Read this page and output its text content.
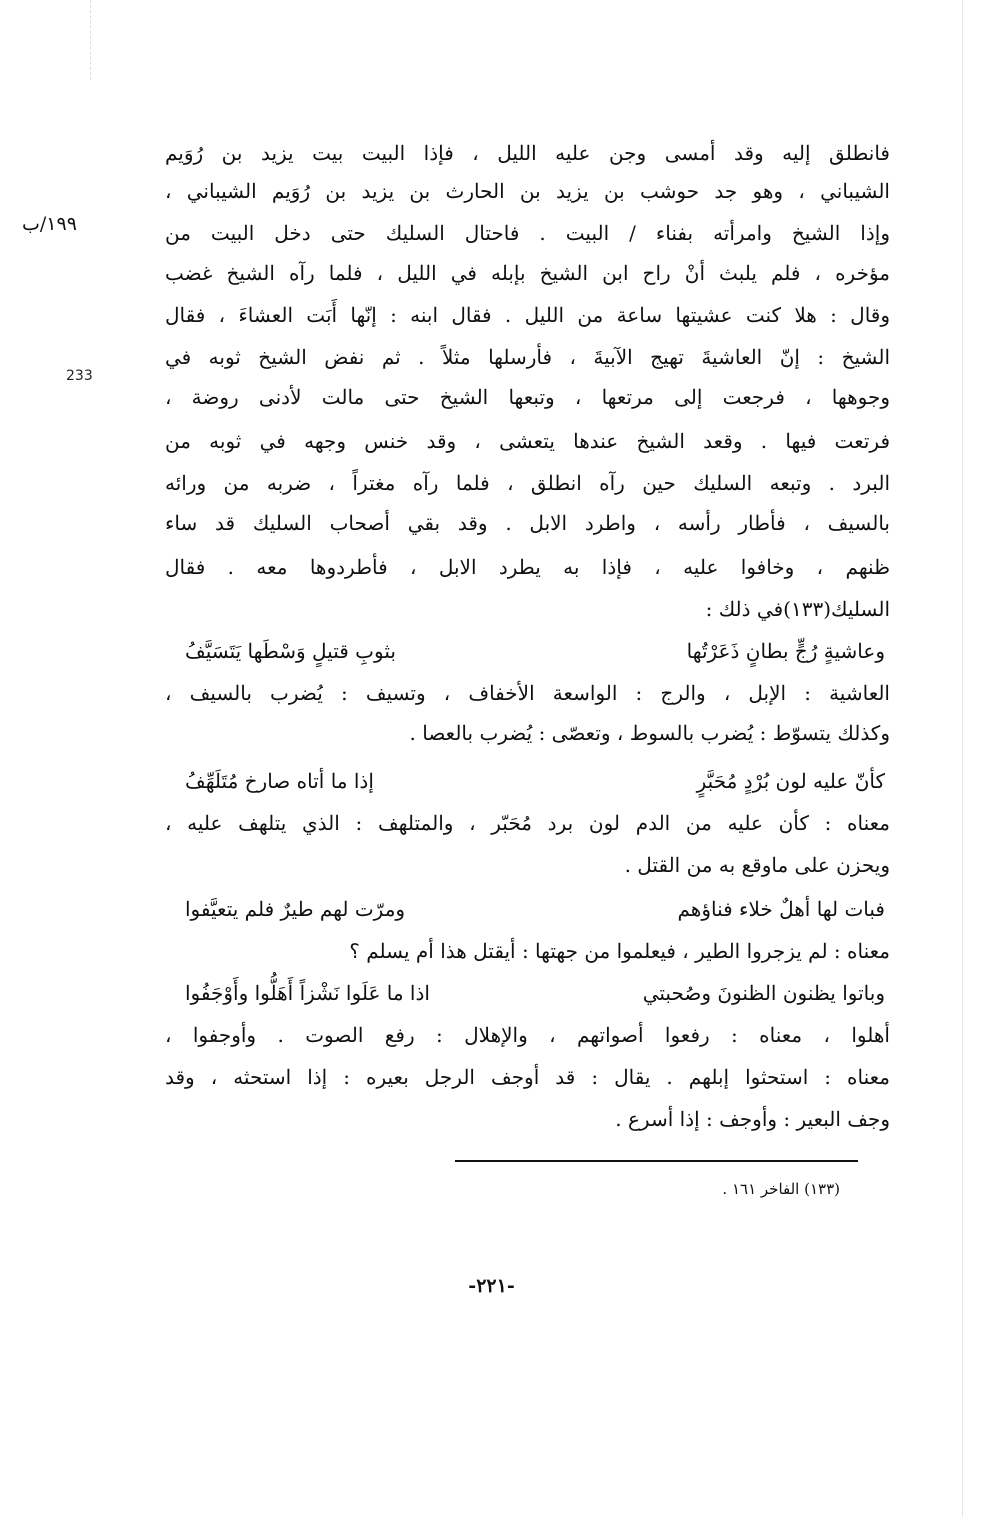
١٩٩/ب
233
فانطلق إليه وقد أمسى وجن عليه الليل ، فإذا البيت بيت يزيد بن رُوَيم
الشيباني ، وهو جد حوشب بن يزيد بن الحارث بن يزيد بن رُوَيم الشيباني ،
وإذا الشيخ وامرأته بفناء / البيت . فاحتال السليك حتى دخل البيت من
مؤخره ، فلم يلبث أنْ راح ابن الشيخ بإبله في الليل ، فلما رآه الشيخ غضب
وقال : هلا كنت عشيتها ساعة من الليل . فقال ابنه : إنّها أَبَت العشاءَ ، فقال
الشيخ : إنّ العاشيةَ تهيج الآبيةَ ، فأرسلها مثلاً . ثم نفض الشيخ ثوبه في
وجوهها ، فرجعت إلى مرتعها ، وتبعها الشيخ حتى مالت لأدنى روضة ،
فرتعت فيها . وقعد الشيخ عندها يتعشى ، وقد خنس وجهه في ثوبه من
البرد . وتبعه السليك حين رآه انطلق ، فلما رآه مغتراً ، ضربه من ورائه
بالسيف ، فأطار رأسه ، واطرد الابل . وقد بقي أصحاب السليك قد ساء
ظنهم ، وخافوا عليه ، فإذا به يطرد الابل ، فأطردوها معه . فقال
السليك(١٣٣)في ذلك :
وعاشيةٍ رُجٍّ بطانٍ ذَعَرْتُها
بثوبِ قتيلٍ وَسْطَها يَتَسَيَّفُ
العاشية : الإبل ، والرج : الواسعة الأخفاف ، وتسيف : يُضرب بالسيف ،
وكذلك يتسوّط : يُضرب بالسوط ، وتعصّى : يُضرب بالعصا .
كأنّ عليه لون بُرْدٍ مُحَبَّرٍ
إذا ما أتاه صارخ مُتَلَهِّفُ
معناه : كأن عليه من الدم لون برد مُحَبّر ، والمتلهف : الذي يتلهف عليه ،
ويحزن على ماوقع به من القتل .
فبات لها أهلٌ خلاء فناؤهم
ومرّت لهم طيرٌ فلم يتعيَّفوا
معناه : لم يزجروا الطير ، فيعلموا من جهتها : أيقتل هذا أم يسلم ؟
وباتوا يظنون الظنونَ وصُحبتي
اذا ما عَلَوا نَشْزاً أَهَلُّوا وأَوْجَفُوا
أهلوا ، معناه : رفعوا أصواتهم ، والإهلال : رفع الصوت . وأوجفوا ،
معناه : استحثوا إبلهم . يقال : قد أوجف الرجل بعيره : إذا استحثه ، وقد
وجف البعير : وأوجف : إذا أسرع .
(١٣٣) الفاخر ١٦١ .
-٢٢١-
